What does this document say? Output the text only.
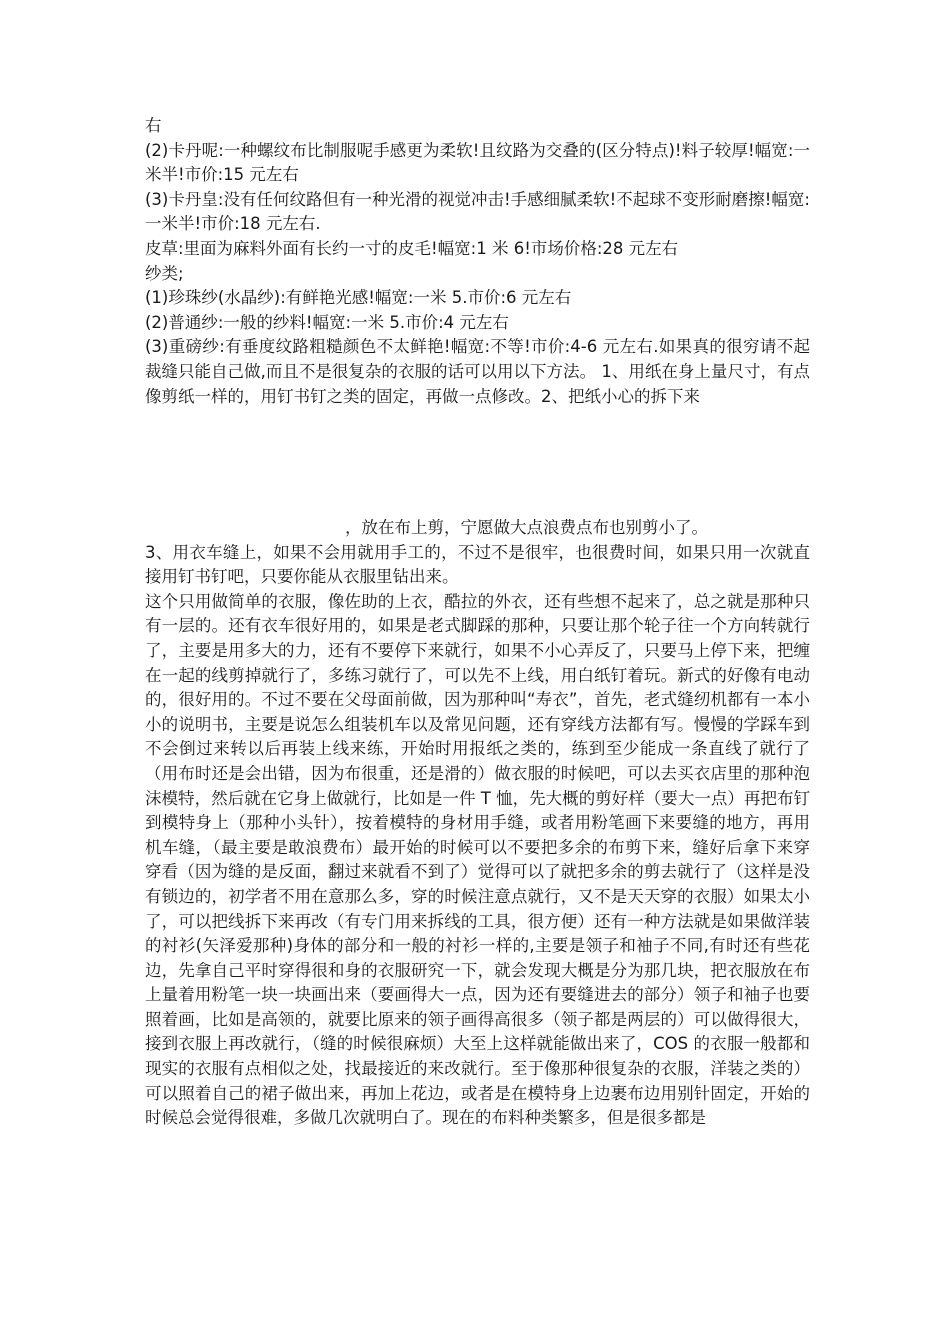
右

(2)卡丹呢:一种螺纹布比制服呢手感更为柔软!且纹路为交叠的(区分特点)!料子较厚!幅宽:一米半!市价:15 元左右

(3)卡丹皇:没有任何纹路但有一种光滑的视觉冲击!手感细腻柔软!不起球不变形耐磨擦!幅宽:一米半!市价:18 元左右.

皮草:里面为麻料外面有长约一寸的皮毛!幅宽:1 米 6!市场价格:28 元左右

纱类;

(1)珍珠纱(水晶纱):有鲜艳光感!幅宽:一米 5.市价:6 元左右

(2)普通纱:一般的纱料!幅宽:一米 5.市价:4 元左右

(3)重磅纱:有垂度纹路粗糙颜色不太鲜艳!幅宽:不等!市价:4-6 元左右.如果真的很穷请不起裁缝只能自己做,而且不是很复杂的衣服的话可以用以下方法。 1、用纸在身上量尺寸，有点像剪纸一样的，用钉书钉之类的固定，再做一点修改。2、把纸小心的拆下来

，放在布上剪，宁愿做大点浪费点布也别剪小了。

3、用衣车缝上，如果不会用就用手工的，不过不是很牢，也很费时间，如果只用一次就直接用钉书钉吧，只要你能从衣服里钻出来。

这个只用做简单的衣服，像佐助的上衣，酷拉的外衣，还有些想不起来了，总之就是那种只有一层的。还有衣车很好用的，如果是老式脚踩的那种，只要让那个轮子往一个方向转就行了，主要是用多大的力，还有不要停下来就行，如果不小心弄反了，只要马上停下来，把缠在一起的线剪掉就行了，多练习就行了，可以先不上线，用白纸钉着玩。新式的好像有电动的，很好用的。不过不要在父母面前做，因为那种叫“寿衣”，首先，老式缝纫机都有一本小小的说明书，主要是说怎么组装机车以及常见问题，还有穿线方法都有写。慢慢的学踩车到不会倒过来转以后再装上线来练，开始时用报纸之类的，练到至少能成一条直线了就行了（用布时还是会出错，因为布很重，还是滑的）做衣服的时候吧，可以去买衣店里的那种泡沫模特，然后就在它身上做就行，比如是一件 T 恤，先大概的剪好样（要大一点）再把布钉到模特身上（那种小头针），按着模特的身材用手缝，或者用粉笔画下来要缝的地方，再用机车缝，（最主要是敢浪费布）最开始的时候可以不要把多余的布剪下来，缝好后拿下来穿穿看（因为缝的是反面，翻过来就看不到了）觉得可以了就把多余的剪去就行了（这样是没有锁边的，初学者不用在意那么多，穿的时候注意点就行，又不是天天穿的衣服）如果太小了，可以把线拆下来再改（有专门用来拆线的工具，很方便）还有一种方法就是如果做洋装的衬衫(矢泽爱那种)身体的部分和一般的衬衫一样的,主要是领子和袖子不同,有时还有些花边，先拿自己平时穿得很和身的衣服研究一下，就会发现大概是分为那几块，把衣服放在布上量着用粉笔一块一块画出来（要画得大一点，因为还有要缝进去的部分）领子和袖子也要照着画，比如是高领的，就要比原来的领子画得高很多（领子都是两层的）可以做得很大，接到衣服上再改就行，（缝的时候很麻烦）大至上这样就能做出来了，COS 的衣服一般都和现实的衣服有点相似之处，找最接近的来改就行。至于像那种很复杂的衣服，洋装之类的）可以照着自己的裙子做出来，再加上花边，或者是在模特身上边裹布边用别针固定，开始的时候总会觉得很难，多做几次就明白了。现在的布料种类繁多，但是很多都是
